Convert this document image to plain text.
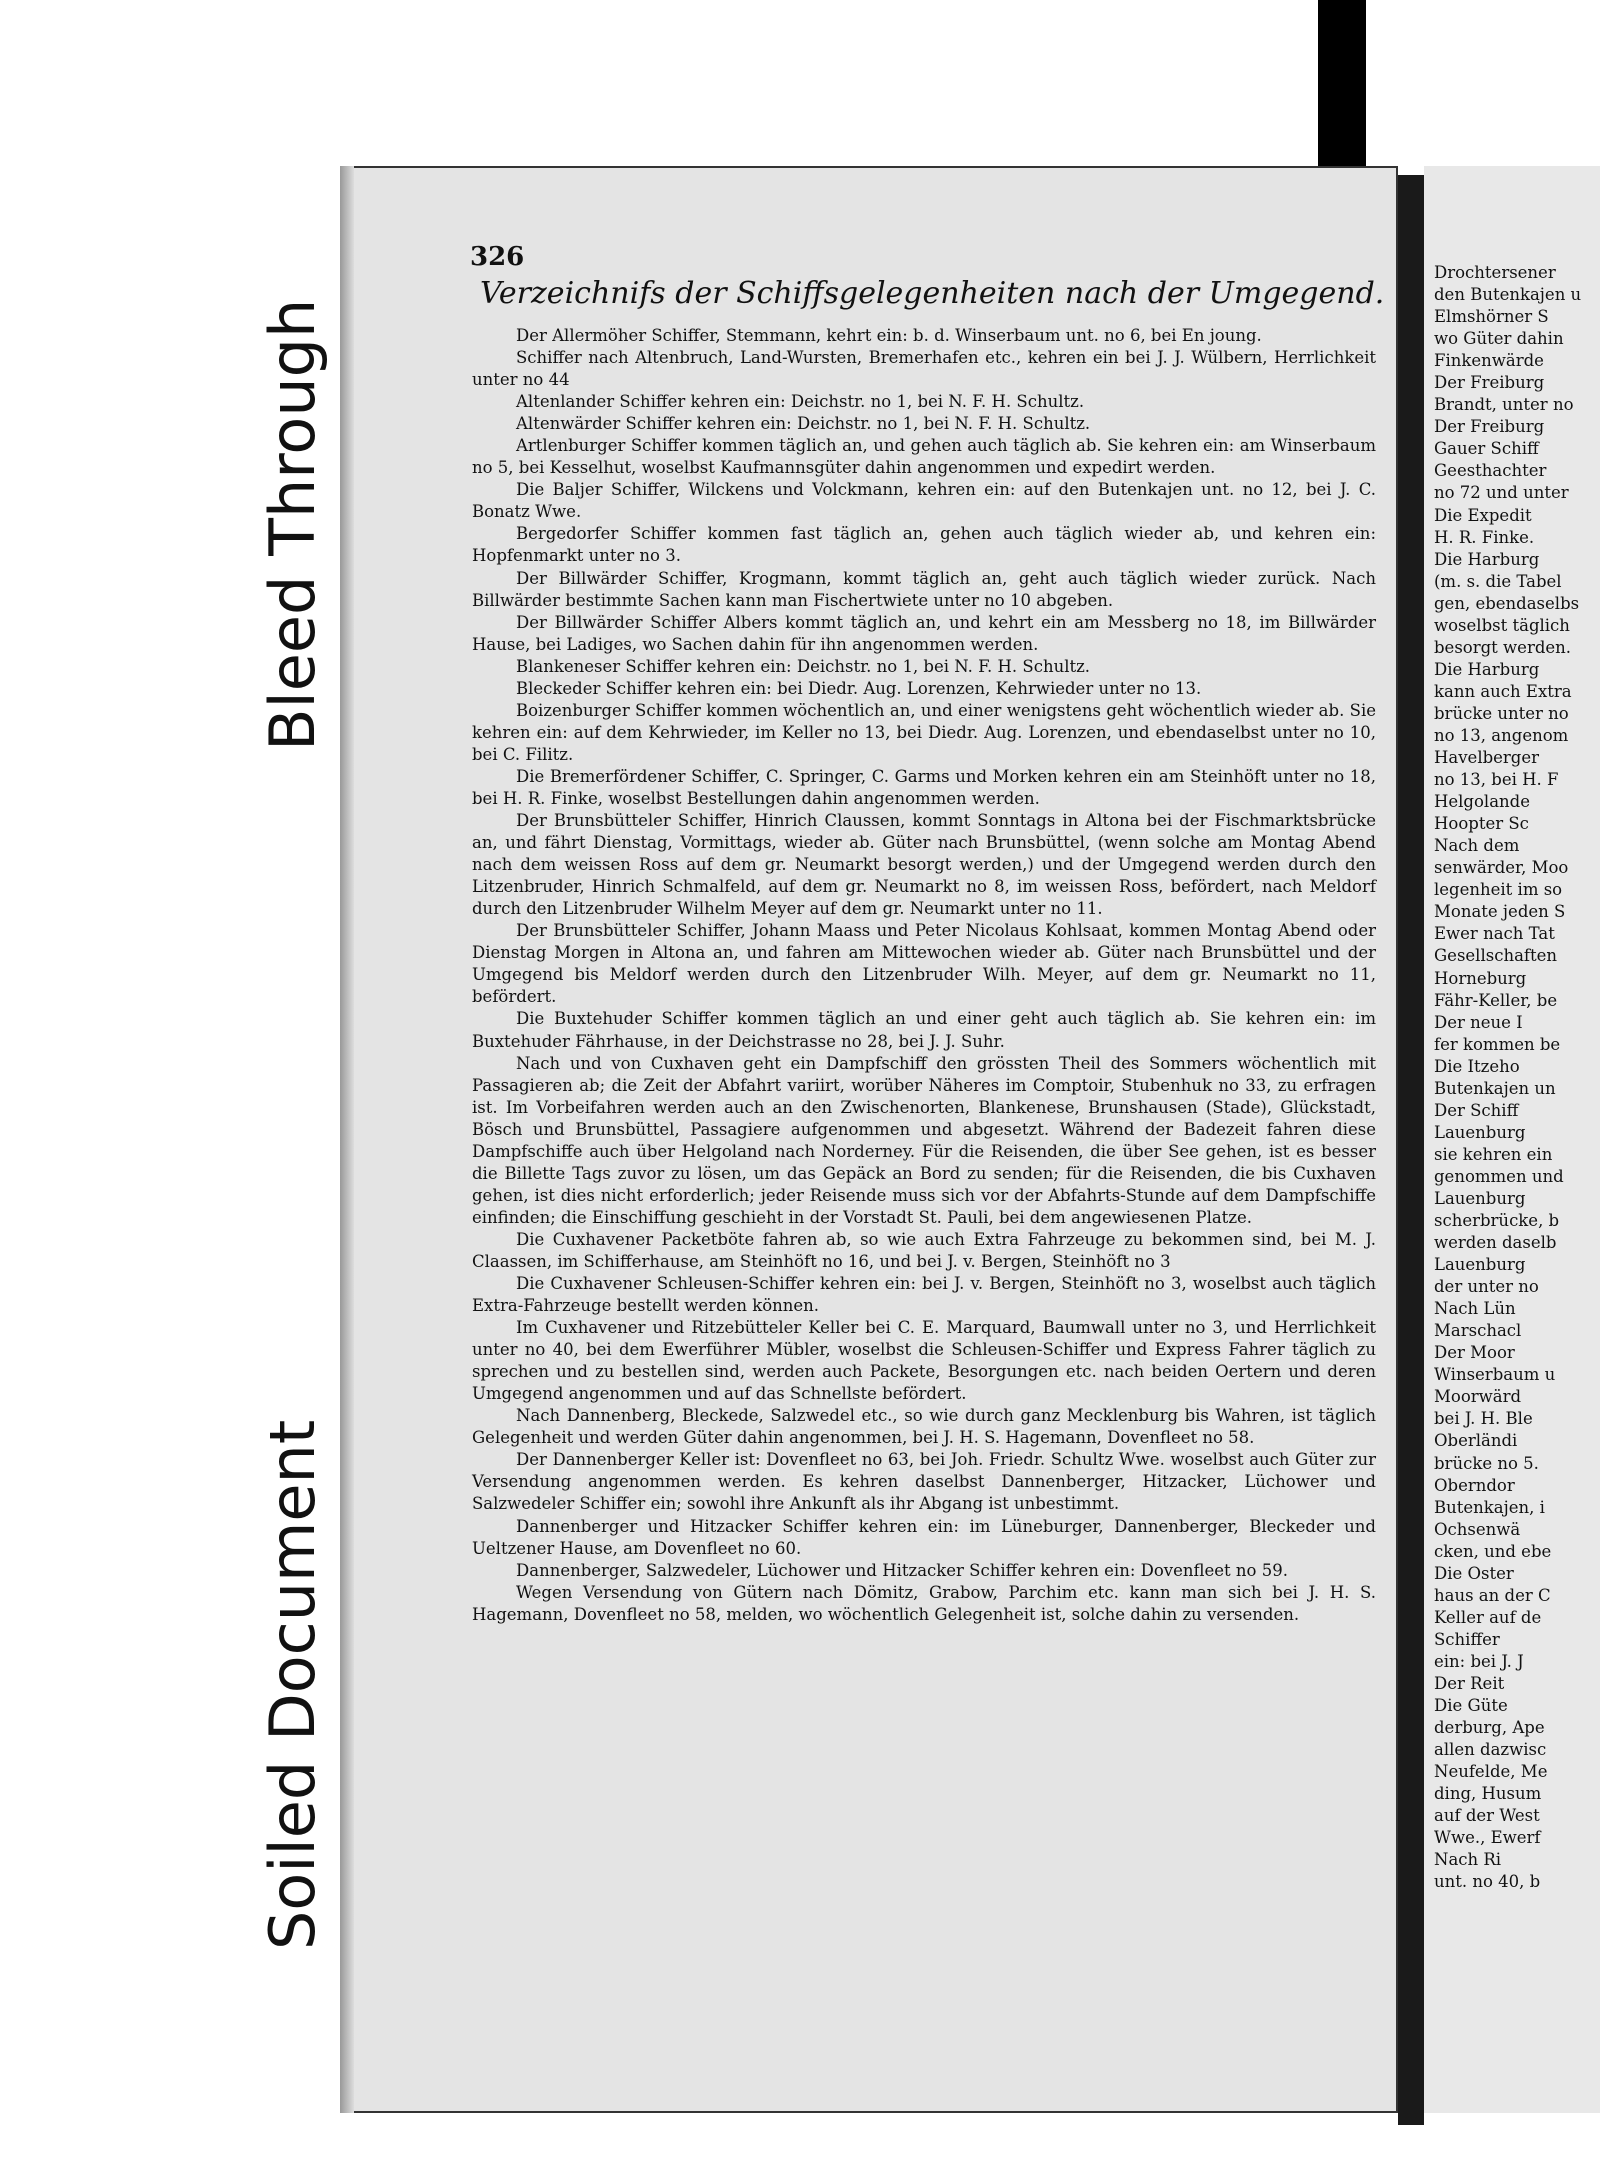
Bleed Through
Soiled Document
326
Verzeichnifs der Schiffsgelegenheiten nach der Umgegend.

Der Allermöher Schiffer, Stemmann, kehrt ein: b. d. Winserbaum unt. no 6, bei En joung.

Schiffer nach Altenbruch, Land-Wursten, Bremerhafen etc., kehren ein bei J. J. Wülbern, Herrlichkeit unter no 44

Altenlander Schiffer kehren ein: Deichstr. no 1, bei N. F. H. Schultz.

Altenwärder Schiffer kehren ein: Deichstr. no 1, bei N. F. H. Schultz.

Artlenburger Schiffer kommen täglich an, und gehen auch täglich ab. Sie kehren ein: am Winserbaum no 5, bei Kesselhut, woselbst Kaufmannsgüter dahin angenommen und expedirt werden.

Die Baljer Schiffer, Wilckens und Volckmann, kehren ein: auf den Butenkajen unt. no 12, bei J. C. Bonatz Wwe.

Bergedorfer Schiffer kommen fast täglich an, gehen auch täglich wieder ab, und kehren ein: Hopfenmarkt unter no 3.

Der Billwärder Schiffer, Krogmann, kommt täglich an, geht auch täglich wieder zurück. Nach Billwärder bestimmte Sachen kann man Fischertwiete unter no 10 abgeben.

Der Billwärder Schiffer Albers kommt täglich an, und kehrt ein am Messberg no 18, im Billwärder Hause, bei Ladiges, wo Sachen dahin für ihn angenommen werden.

Blankeneser Schiffer kehren ein: Deichstr. no 1, bei N. F. H. Schultz.

Bleckeder Schiffer kehren ein: bei Diedr. Aug. Lorenzen, Kehrwieder unter no 13.

Boizenburger Schiffer kommen wöchentlich an, und einer wenigstens geht wöchentlich wieder ab. Sie kehren ein: auf dem Kehrwieder, im Keller no 13, bei Diedr. Aug. Lorenzen, und ebendaselbst unter no 10, bei C. Filitz.

Die Bremerfördener Schiffer, C. Springer, C. Garms und Morken kehren ein am Steinhöft unter no 18, bei H. R. Finke, woselbst Bestellungen dahin angenommen werden.

Der Brunsbütteler Schiffer, Hinrich Claussen, kommt Sonntags in Altona bei der Fischmarktsbrücke an, und fährt Dienstag, Vormittags, wieder ab. Güter nach Brunsbüttel, (wenn solche am Montag Abend nach dem weissen Ross auf dem gr. Neumarkt besorgt werden,) und der Umgegend werden durch den Litzenbruder, Hinrich Schmalfeld, auf dem gr. Neumarkt no 8, im weissen Ross, befördert, nach Meldorf durch den Litzenbruder Wilhelm Meyer auf dem gr. Neumarkt unter no 11.

Der Brunsbütteler Schiffer, Johann Maass und Peter Nicolaus Kohlsaat, kommen Montag Abend oder Dienstag Morgen in Altona an, und fahren am Mittewochen wieder ab. Güter nach Brunsbüttel und der Umgegend bis Meldorf werden durch den Litzenbruder Wilh. Meyer, auf dem gr. Neumarkt no 11, befördert.

Die Buxtehuder Schiffer kommen täglich an und einer geht auch täglich ab. Sie kehren ein: im Buxtehuder Fährhause, in der Deichstrasse no 28, bei J. J. Suhr.

Nach und von Cuxhaven geht ein Dampfschiff den grössten Theil des Sommers wöchentlich mit Passagieren ab; die Zeit der Abfahrt variirt, worüber Näheres im Comptoir, Stubenhuk no 33, zu erfragen ist. Im Vorbeifahren werden auch an den Zwischenorten, Blankenese, Brunshausen (Stade), Glückstadt, Bösch und Brunsbüttel, Passagiere aufgenommen und abgesetzt. Während der Badezeit fahren diese Dampfschiffe auch über Helgoland nach Norderney. Für die Reisenden, die über See gehen, ist es besser die Billette Tags zuvor zu lösen, um das Gepäck an Bord zu senden; für die Reisenden, die bis Cuxhaven gehen, ist dies nicht erforderlich; jeder Reisende muss sich vor der Abfahrts-Stunde auf dem Dampfschiffe einfinden; die Einschiffung geschieht in der Vorstadt St. Pauli, bei dem angewiesenen Platze.

Die Cuxhavener Packetböte fahren ab, so wie auch Extra Fahrzeuge zu bekommen sind, bei M. J. Claassen, im Schifferhause, am Steinhöft no 16, und bei J. v. Bergen, Steinhöft no 3

Die Cuxhavener Schleusen-Schiffer kehren ein: bei J. v. Bergen, Steinhöft no 3, woselbst auch täglich Extra-Fahrzeuge bestellt werden können.

Im Cuxhavener und Ritzebütteler Keller bei C. E. Marquard, Baumwall unter no 3, und Herrlichkeit unter no 40, bei dem Ewerführer Mübler, woselbst die Schleusen-Schiffer und Express Fahrer täglich zu sprechen und zu bestellen sind, werden auch Packete, Besorgungen etc. nach beiden Oertern und deren Umgegend angenommen und auf das Schnellste befördert.

Nach Dannenberg, Bleckede, Salzwedel etc., so wie durch ganz Mecklenburg bis Wahren, ist täglich Gelegenheit und werden Güter dahin angenommen, bei J. H. S. Hagemann, Dovenfleet no 58.

Der Dannenberger Keller ist: Dovenfleet no 63, bei Joh. Friedr. Schultz Wwe. woselbst auch Güter zur Versendung angenommen werden. Es kehren daselbst Dannenberger, Hitzacker, Lüchower und Salzwedeler Schiffer ein; sowohl ihre Ankunft als ihr Abgang ist unbestimmt.

Dannenberger und Hitzacker Schiffer kehren ein: im Lüneburger, Dannenberger, Bleckeder und Ueltzener Hause, am Dovenfleet no 60.

Dannenberger, Salzwedeler, Lüchower und Hitzacker Schiffer kehren ein: Dovenfleet no 59.

Wegen Versendung von Gütern nach Dömitz, Grabow, Parchim etc. kann man sich bei J. H. S. Hagemann, Dovenfleet no 58, melden, wo wöchentlich Gelegenheit ist, solche dahin zu versenden.

Drochtersener
den Butenkajen u
Elmshörner S
wo Güter dahin
Finkenwärde
Der Freiburg
Brandt, unter no
Der Freiburg
Gauer Schiff
Geesthachter
no 72 und unter
Die Expedit
H. R. Finke.
Die Harburg
(m. s. die Tabel
gen, ebendaselbs
woselbst täglich
besorgt werden.
Die Harburg
kann auch Extra
brücke unter no
no 13, angenom
Havelberger
no 13, bei H. F
Helgolande
Hoopter Sc
Nach dem
senwärder, Moo
legenheit im so
Monate jeden S
Ewer nach Tat
Gesellschaften
Horneburg
Fähr-Keller, be
Der neue I
fer kommen be
Die Itzeho
Butenkajen un
Der Schiff
Lauenburg
sie kehren ein
genommen und
Lauenburg
scherbrücke, b
werden daselb
Lauenburg
der unter no
Nach Lün
Marschacl
Der Moor
Winserbaum u
Moorwärd
bei J. H. Ble
Oberländi
brücke no 5.
Oberndor
Butenkajen, i
Ochsenwä
cken, und ebe
Die Oster
haus an der C
Keller auf de
Schiffer
ein: bei J. J
Der Reit
Die Güte
derburg, Ape
allen dazwisc
Neufelde, Me
ding, Husum
auf der West
Wwe., Ewerf
Nach Ri
unt. no 40, b
